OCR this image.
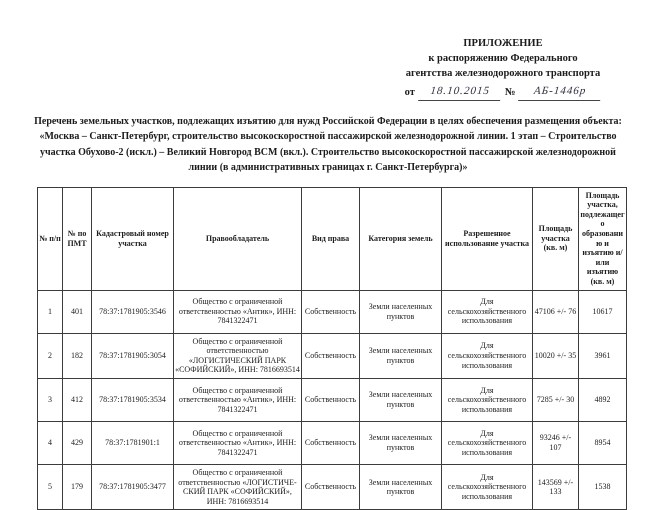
ПРИЛОЖЕНИЕ
к распоряжению Федерального
агентства железнодорожного транспорта
от	18.10.2015	№	АБ-1446р
Перечень земельных участков, подлежащих изъятию для нужд Российской Федерации в целях обеспечения размещения объекта: «Москва – Санкт-Петербург, строительство высокоскоростной пассажирской железнодорожной линии. 1 этап – Строительство участка Обухово-2 (искл.) – Великий Новгород ВСМ (вкл.). Строительство высокоскоростной пассажирской железнодорожной линии (в административных границах г. Санкт-Петербурга)»
№ п/п	№ по ПМТ	Кадастровый номер участка	Правообладатель	Вид права	Категория земель	Разрешенное использование участка	Площадь участка (кв. м)	Площадь участка, подлежащего образованию и изъятию и/или изъятию (кв. м)
1	401	78:37:1781905:3546	Общество с ограниченной ответственностью «Антик», ИНН: 7841322471	Собственность	Земли населенных пунктов	Для сельскохозяйственного использования	47106 +/- 76	10617
2	182	78:37:1781905:3054	Общество с ограниченной ответственностью «ЛОГИСТИЧЕСКИЙ ПАРК «СОФИЙСКИЙ», ИНН: 7816693514	Собственность	Земли населенных пунктов	Для сельскохозяйственного использования	10020 +/- 35	3961
3	412	78:37:1781905:3534	Общество с ограниченной ответственностью «Антик», ИНН: 7841322471	Собственность	Земли населенных пунктов	Для сельскохозяйственного использования	7285 +/- 30	4892
4	429	78:37:1781901:1	Общество с ограниченной ответственностью «Антик», ИНН: 7841322471	Собственность	Земли населенных пунктов	Для сельскохозяйственного использования	93246 +/- 107	8954
5	179	78:37:1781905:3477	Общество с ограниченной ответственностью «ЛОГИСТИЧЕ-СКИЙ ПАРК «СОФИЙСКИЙ», ИНН: 7816693514	Собственность	Земли населенных пунктов	Для сельскохозяйственного использования	143569 +/- 133	1538
